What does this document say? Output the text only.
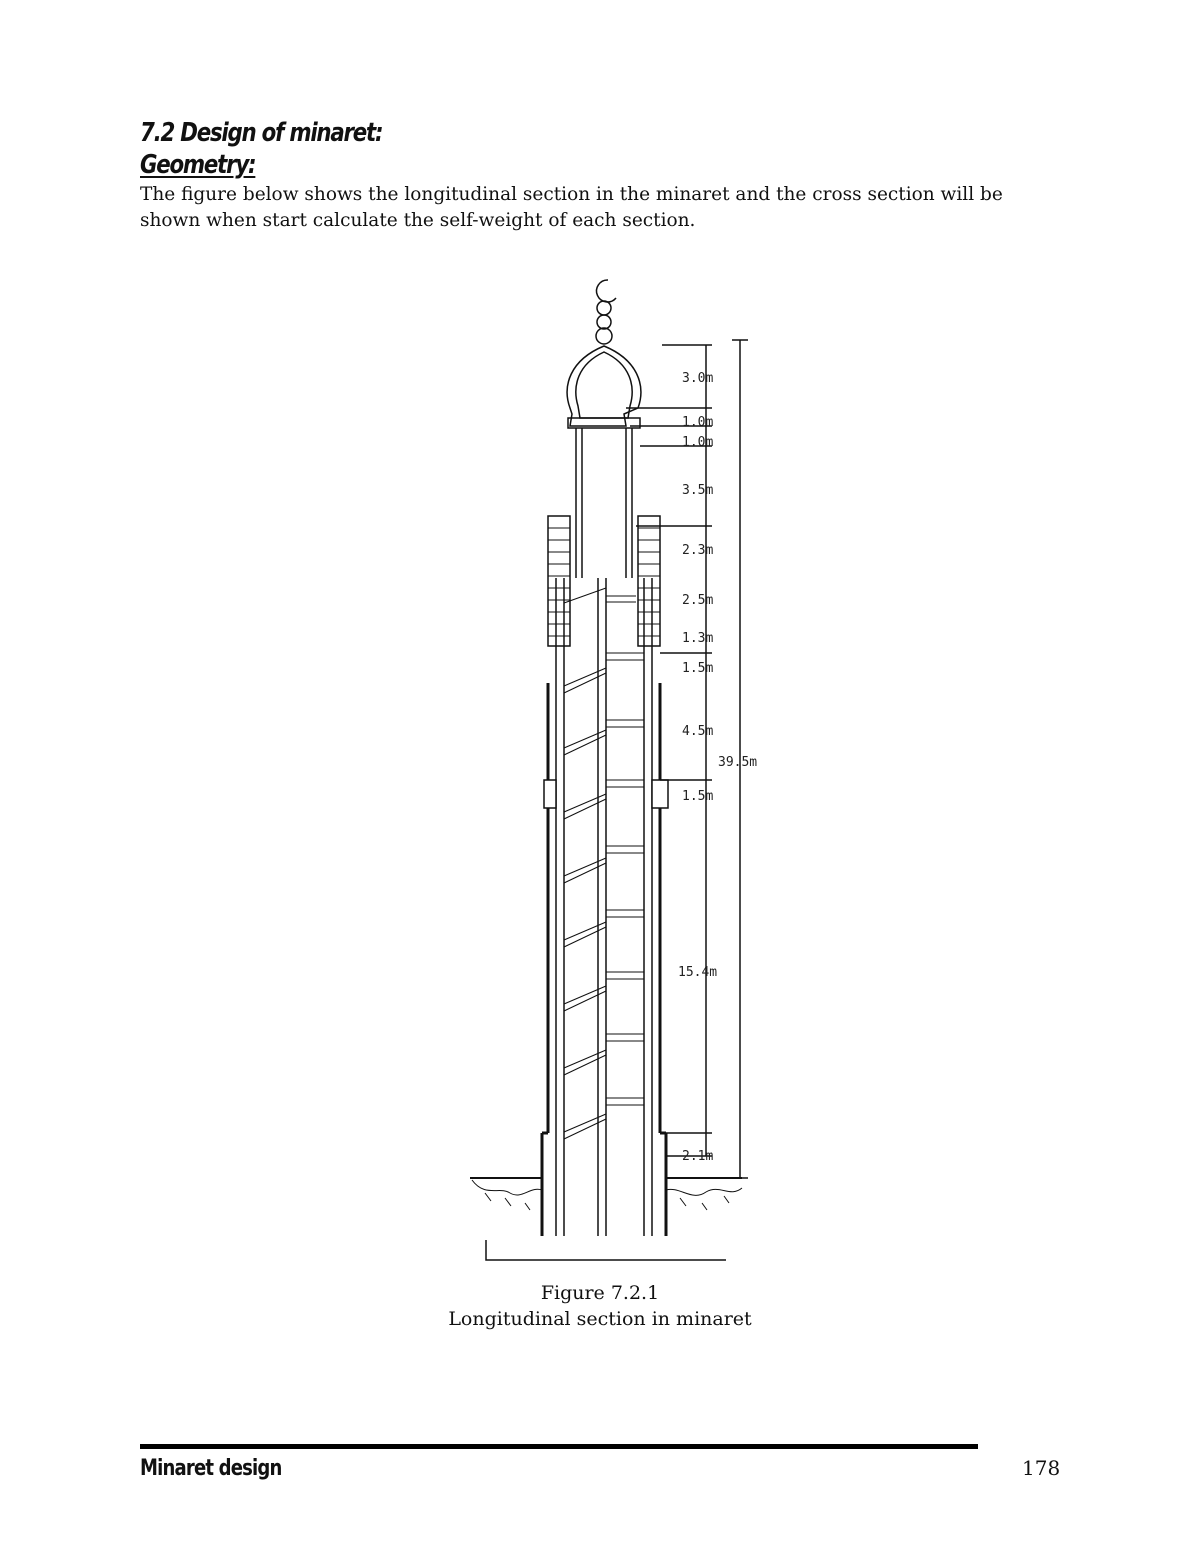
7.2 Design of minaret:
Geometry:

The figure below shows the longitudinal section in the minaret and the cross section will be shown when start calculate the self-weight of each section.

3.0m
1.0m
1.0m
3.5m
2.3m
2.5m
1.3m
1.5m
4.5m
1.5m
15.4m
2.1m
39.5m

Figure 7.2.1

Longitudinal section in minaret

Minaret design	178
